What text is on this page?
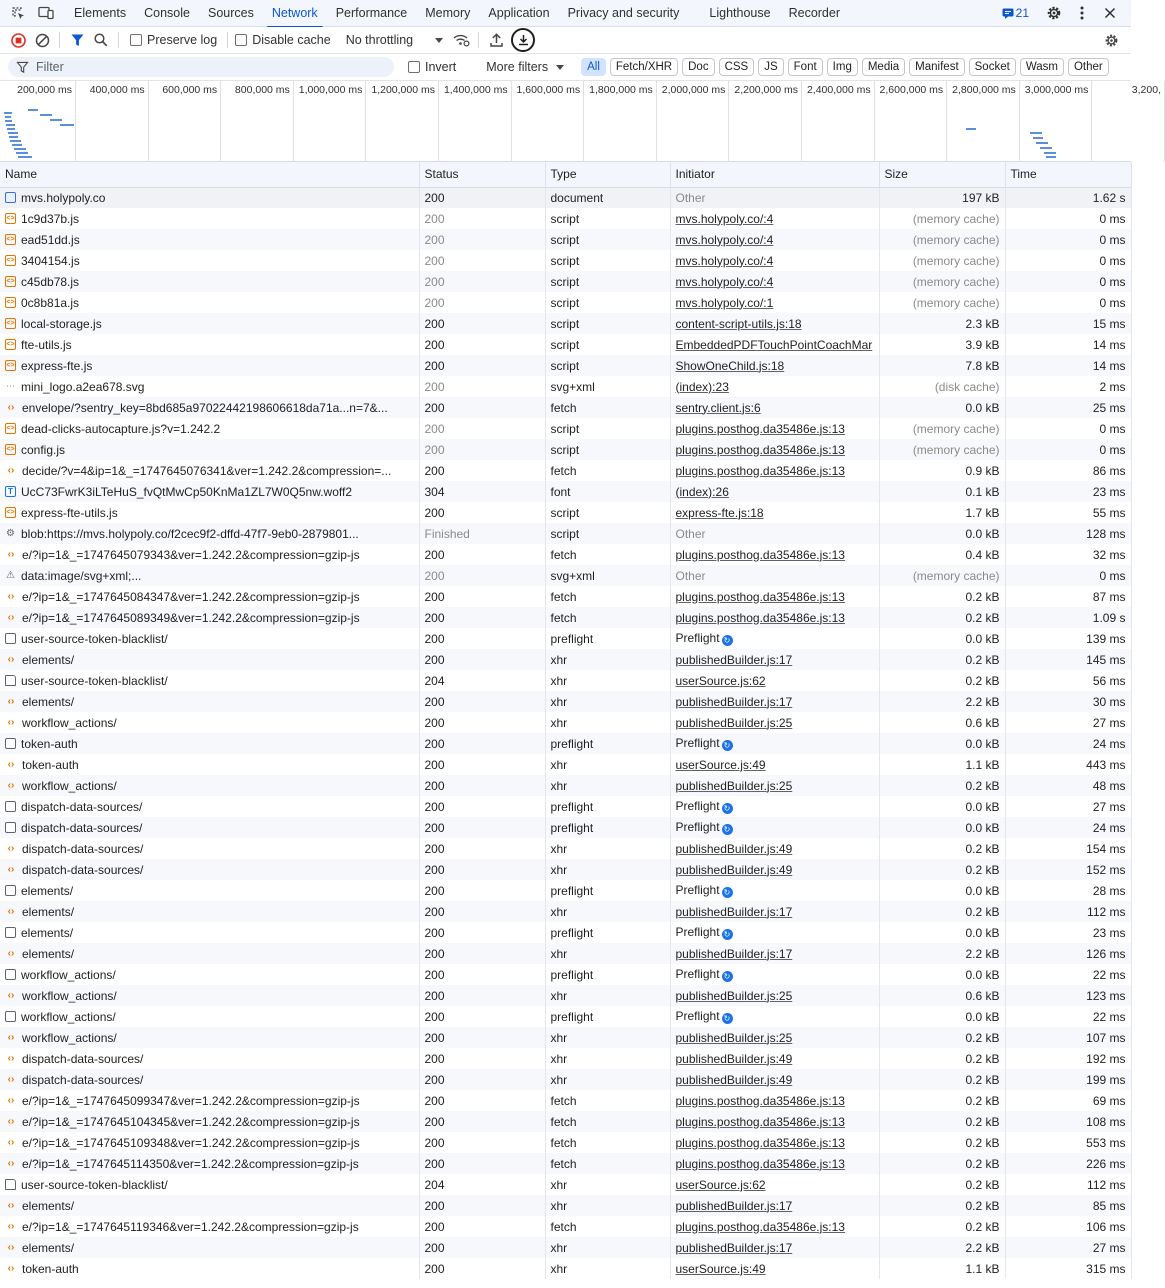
Elements	Console	Sources	Network	Performance	Memory	Application	Privacy and security	Lighthouse	Recorder	21
Preserve log	Disable cache No throttling
Filter	Invert More filters	All	Fetch/XHR	Doc	CSS	JS	Font	Img	Media	Manifest	Socket	Wasm	Other
200,000 ms	400,000 ms	600,000 ms	800,000 ms 1,000,000 ms 1,200,000 ms 1,400,000 ms 1,600,000 ms 1,800,000 ms 2,000,000 ms 2,200,000 ms 2,400,000 ms 2,600,000 ms 2,800,000 ms 3,000,000 ms	3,200,
Name	Status	Type	Initiator	Size	Time

mvs.holypoly.co	200	document	Other	197 kB	1.62 s

<> 1c9d37b.js	200	script	mvs.holypoly.co/:4	(memory cache)	0 ms

<> ead51dd.js	200	script	mvs.holypoly.co/:4	(memory cache)	0 ms

<> 3404154.js	200	script	mvs.holypoly.co/:4	(memory cache)	0 ms

<> c45db78.js	200	script	mvs.holypoly.co/:4	(memory cache)	0 ms

<> 0c8b81a.js	200	script	mvs.holypoly.co/:1	(memory cache)	0 ms

<> local-storage.js	200	script	content-script-utils.js:18	2.3 kB	15 ms

<> fte-utils.js	200	script	EmbeddedPDFTouchPointCoachMar	3.9 kB	14 ms

<> express-fte.js	200	script	ShowOneChild.js:18	7.8 kB	14 ms

⋯ mini_logo.a2ea678.svg	200	svg+xml	(index):23	(disk cache)	2 ms

‹› envelope/?sentry_key=8bd685a97022442198606618da71a...n=7&...	200	fetch	sentry.client.js:6	0.0 kB	25 ms

<> dead-clicks-autocapture.js?v=1.242.2	200	script	plugins.posthog.da35486e.js:13	(memory cache)	0 ms

<> config.js	200	script	plugins.posthog.da35486e.js:13	(memory cache)	0 ms

‹› decide/?v=4&ip=1&_=1747645076341&ver=1.242.2&compression=...	200	fetch	plugins.posthog.da35486e.js:13	0.9 kB	86 ms

T UcC73FwrK3iLTeHuS_fvQtMwCp50KnMa1ZL7W0Q5nw.woff2	304	font	(index):26	0.1 kB	23 ms

<> express-fte-utils.js	200	script	express-fte.js:18	1.7 kB	55 ms

⚙ blob:https://mvs.holypoly.co/f2cec9f2-dffd-47f7-9eb0-2879801...	Finished	script	Other	0.0 kB	128 ms

‹› e/?ip=1&_=1747645079343&ver=1.242.2&compression=gzip-js	200	fetch	plugins.posthog.da35486e.js:13	0.4 kB	32 ms

⚠ data:image/svg+xml;...	200	svg+xml	Other	(memory cache)	0 ms

‹› e/?ip=1&_=1747645084347&ver=1.242.2&compression=gzip-js	200	fetch	plugins.posthog.da35486e.js:13	0.2 kB	87 ms

‹› e/?ip=1&_=1747645089349&ver=1.242.2&compression=gzip-js	200	fetch	plugins.posthog.da35486e.js:13	0.2 kB	1.09 s

user-source-token-blacklist/	200	preflight	Preflight ↻	0.0 kB	139 ms

‹› elements/	200	xhr	publishedBuilder.js:17	0.2 kB	145 ms

user-source-token-blacklist/	204	xhr	userSource.js:62	0.2 kB	56 ms

‹› elements/	200	xhr	publishedBuilder.js:17	2.2 kB	30 ms

‹› workflow_actions/	200	xhr	publishedBuilder.js:25	0.6 kB	27 ms

token-auth	200	preflight	Preflight ↻	0.0 kB	24 ms

‹› token-auth	200	xhr	userSource.js:49	1.1 kB	443 ms

‹› workflow_actions/	200	xhr	publishedBuilder.js:25	0.2 kB	48 ms

dispatch-data-sources/	200	preflight	Preflight ↻	0.0 kB	27 ms

dispatch-data-sources/	200	preflight	Preflight ↻	0.0 kB	24 ms

‹› dispatch-data-sources/	200	xhr	publishedBuilder.js:49	0.2 kB	154 ms

‹› dispatch-data-sources/	200	xhr	publishedBuilder.js:49	0.2 kB	152 ms

elements/	200	preflight	Preflight ↻	0.0 kB	28 ms

‹› elements/	200	xhr	publishedBuilder.js:17	0.2 kB	112 ms

elements/	200	preflight	Preflight ↻	0.0 kB	23 ms

‹› elements/	200	xhr	publishedBuilder.js:17	2.2 kB	126 ms

workflow_actions/	200	preflight	Preflight ↻	0.0 kB	22 ms

‹› workflow_actions/	200	xhr	publishedBuilder.js:25	0.6 kB	123 ms

workflow_actions/	200	preflight	Preflight ↻	0.0 kB	22 ms

‹› workflow_actions/	200	xhr	publishedBuilder.js:25	0.2 kB	107 ms

‹› dispatch-data-sources/	200	xhr	publishedBuilder.js:49	0.2 kB	192 ms

‹› dispatch-data-sources/	200	xhr	publishedBuilder.js:49	0.2 kB	199 ms

‹› e/?ip=1&_=1747645099347&ver=1.242.2&compression=gzip-js	200	fetch	plugins.posthog.da35486e.js:13	0.2 kB	69 ms

‹› e/?ip=1&_=1747645104345&ver=1.242.2&compression=gzip-js	200	fetch	plugins.posthog.da35486e.js:13	0.2 kB	108 ms

‹› e/?ip=1&_=1747645109348&ver=1.242.2&compression=gzip-js	200	fetch	plugins.posthog.da35486e.js:13	0.2 kB	553 ms

‹› e/?ip=1&_=1747645114350&ver=1.242.2&compression=gzip-js	200	fetch	plugins.posthog.da35486e.js:13	0.2 kB	226 ms

user-source-token-blacklist/	204	xhr	userSource.js:62	0.2 kB	112 ms

‹› elements/	200	xhr	publishedBuilder.js:17	0.2 kB	85 ms

‹› e/?ip=1&_=1747645119346&ver=1.242.2&compression=gzip-js	200	fetch	plugins.posthog.da35486e.js:13	0.2 kB	106 ms

‹› elements/	200	xhr	publishedBuilder.js:17	2.2 kB	27 ms

‹› token-auth	200	xhr	userSource.js:49	1.1 kB	315 ms
